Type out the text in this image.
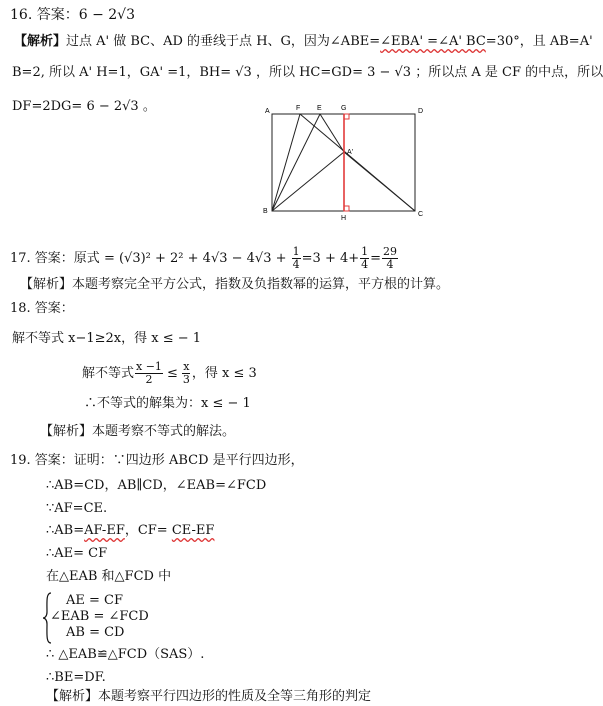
16. 答案：6 − 2√3
【解析】过点 A' 做 BC、AD 的垂线于点 H、G，因为∠ABE=∠EBA' =∠A' BC=30°，且 AB=A'
B=2, 所以 A' H=1，GA' =1，BH= √3 ，所以 HC=GD= 3 − √3 ；所以点 A 是 CF 的中点，所以
DF=2DG= 6 − 2√3 。	A	F E	G	D
A'
B
H
C
17. 答案：原式 = $(√3)^2 + 2^2 + 4√3 - 4√3 + \frac{1}{4} =3 + 4+ \frac{1}{4} = \frac{29}{4}$
【解析】本题考察完全平方公式，指数及负指数幂的运算，平方根的计算。
18. 答案：
解不等式 x−1≥2x，得 x ≤ − 1
解不等式 $\frac{x -1}{2} \le \frac{x}{3}$ ，得 x ≤ 3
∴不等式的解集为：x ≤ − 1
【解析】本题考察不等式的解法。
19. 答案：证明：∵四边形 ABCD 是平行四边形，
∴AB=CD，AB∥CD，∠EAB=∠FCD
∵AF=CE.
∴AB=AF-EF，CF= CE-EF
∴AE= CF
在△EAB 和△FCD 中
AE = CF
∠EAB = ∠FCD
AB = CD
∴ △EAB≌△FCD（SAS）.
∴BE=DF.
【解析】本题考察平行四边形的性质及全等三角形的判定
